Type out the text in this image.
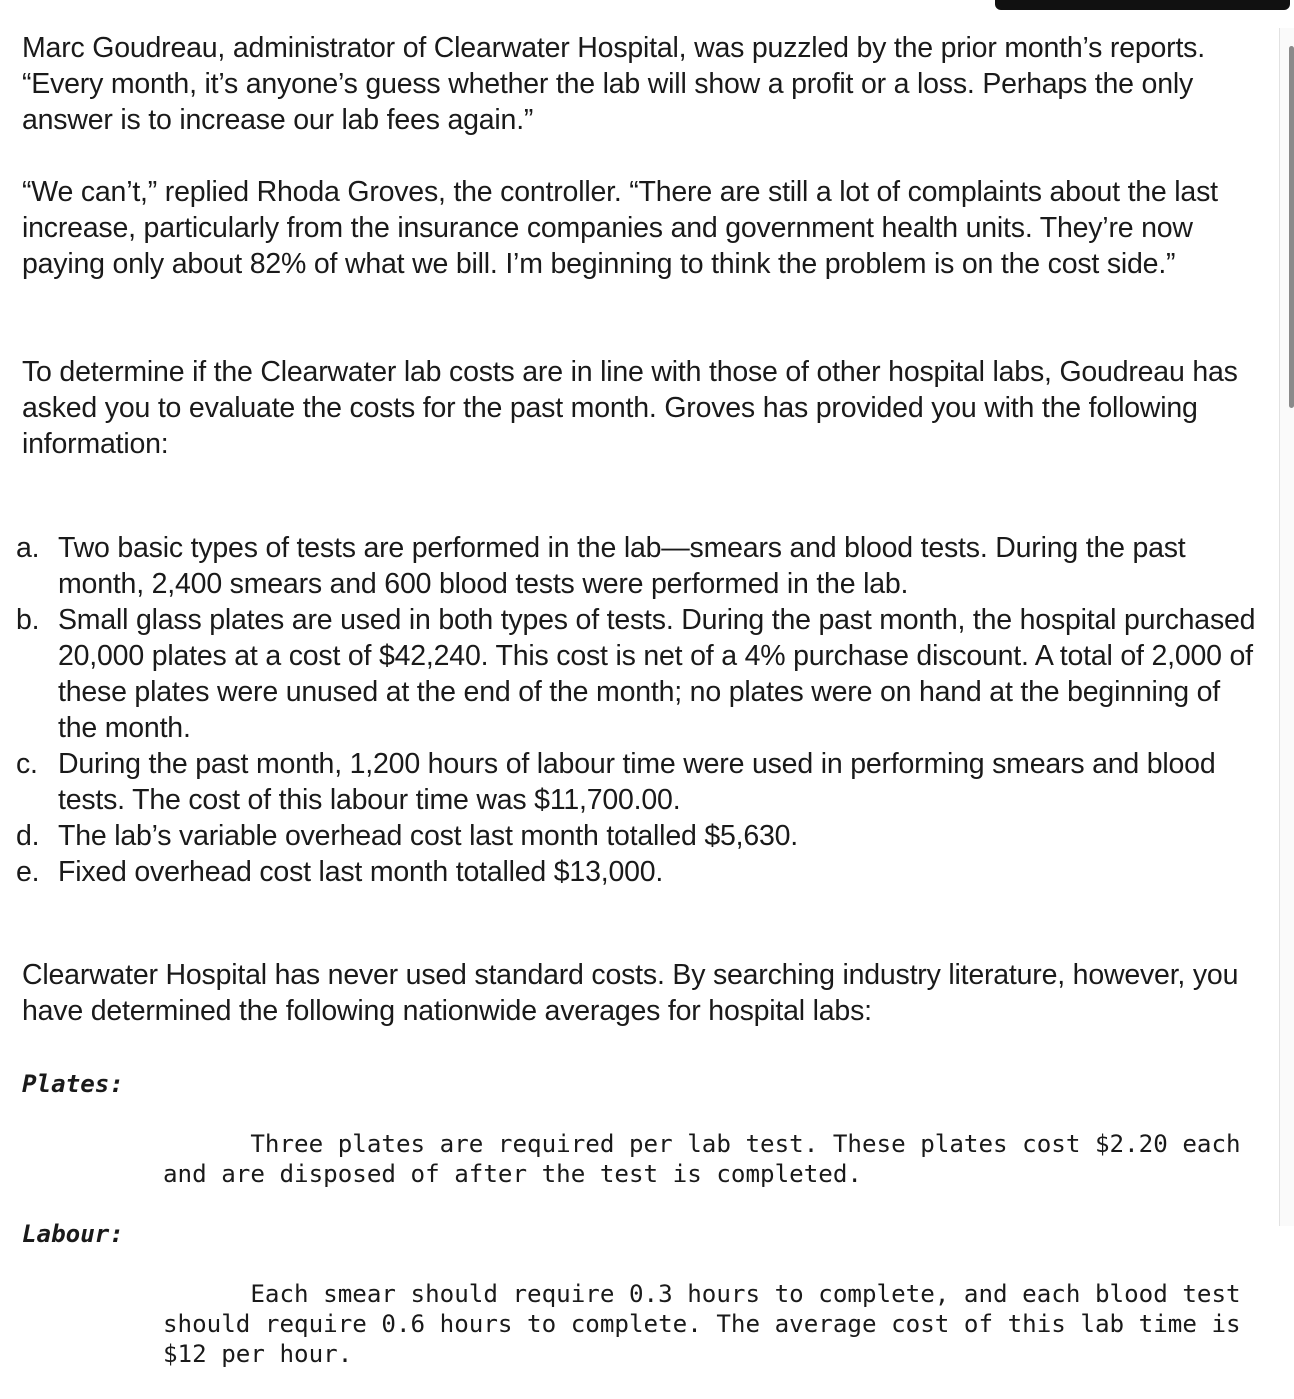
Marc Goudreau, administrator of Clearwater Hospital, was puzzled by the prior month’s reports. “Every month, it’s anyone’s guess whether the lab will show a profit or a loss. Perhaps the only answer is to increase our lab fees again.”

“We can’t,” replied Rhoda Groves, the controller. “There are still a lot of complaints about the last increase, particularly from the insurance companies and government health units. They’re now paying only about 82% of what we bill. I’m beginning to think the problem is on the cost side.”

To determine if the Clearwater lab costs are in line with those of other hospital labs, Goudreau has asked you to evaluate the costs for the past month. Groves has provided you with the following information:

a. Two basic types of tests are performed in the lab—smears and blood tests. During the past month, 2,400 smears and 600 blood tests were performed in the lab.
b. Small glass plates are used in both types of tests. During the past month, the hospital purchased 20,000 plates at a cost of $42,240. This cost is net of a 4% purchase discount. A total of 2,000 of these plates were unused at the end of the month; no plates were on hand at the beginning of the month.
c. During the past month, 1,200 hours of labour time were used in performing smears and blood tests. The cost of this labour time was $11,700.00.
d. The lab’s variable overhead cost last month totalled $5,630.
e. Fixed overhead cost last month totalled $13,000.

Clearwater Hospital has never used standard costs. By searching industry literature, however, you have determined the following nationwide averages for hospital labs:

Plates:

Three plates are required per lab test. These plates cost $2.20 each and are disposed of after the test is completed.

Labour:

Each smear should require 0.3 hours to complete, and each blood test should require 0.6 hours to complete. The average cost of this lab time is $12 per hour.
